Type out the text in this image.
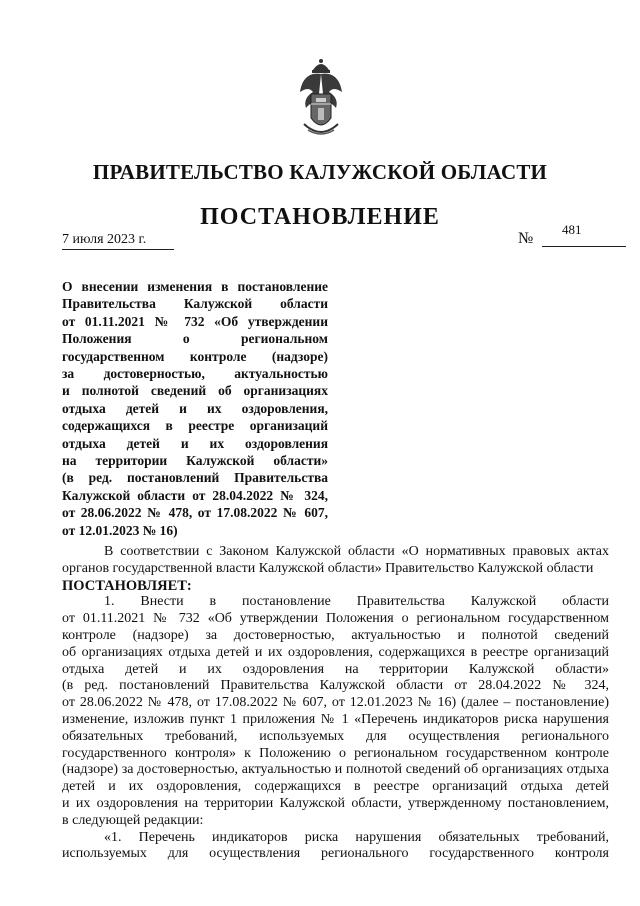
ПРАВИТЕЛЬСТВО КАЛУЖСКОЙ ОБЛАСТИ
ПОСТАНОВЛЕНИЕ
7 июля 2023 г.	№
481
О внесении изменения в постановление
Правительства Калужской области
от 01.11.2021 № 732 «Об утверждении
Положения о региональном
государственном контроле (надзоре)
за достоверностью, актуальностью
и полнотой сведений об организациях
отдыха детей и их оздоровления,
содержащихся в реестре организаций
отдыха детей и их оздоровления
на территории Калужской области»
(в ред. постановлений Правительства
Калужской области от 28.04.2022 № 324,
от 28.06.2022 № 478, от 17.08.2022 № 607,
от 12.01.2023 № 16)
В соответствии с Законом Калужской области «О нормативных правовых актах
органов государственной власти Калужской области» Правительство Калужской области
ПОСТАНОВЛЯЕТ:
1. Внести в постановление Правительства Калужской области
от 01.11.2021 № 732 «Об утверждении Положения о региональном государственном
контроле (надзоре) за достоверностью, актуальностью и полнотой сведений
об организациях отдыха детей и их оздоровления, содержащихся в реестре организаций
отдыха детей и их оздоровления на территории Калужской области»
(в ред. постановлений Правительства Калужской области от 28.04.2022 № 324,
от 28.06.2022 № 478, от 17.08.2022 № 607, от 12.01.2023 № 16) (далее – постановление)
изменение, изложив пункт 1 приложения № 1 «Перечень индикаторов риска нарушения
обязательных требований, используемых для осуществления регионального
государственного контроля» к Положению о региональном государственном контроле
(надзоре) за достоверностью, актуальностью и полнотой сведений об организациях отдыха
детей и их оздоровления, содержащихся в реестре организаций отдыха детей
и их оздоровления на территории Калужской области, утвержденному постановлением,
в следующей редакции:
«1. Перечень индикаторов риска нарушения обязательных требований,
используемых для осуществления регионального государственного контроля
